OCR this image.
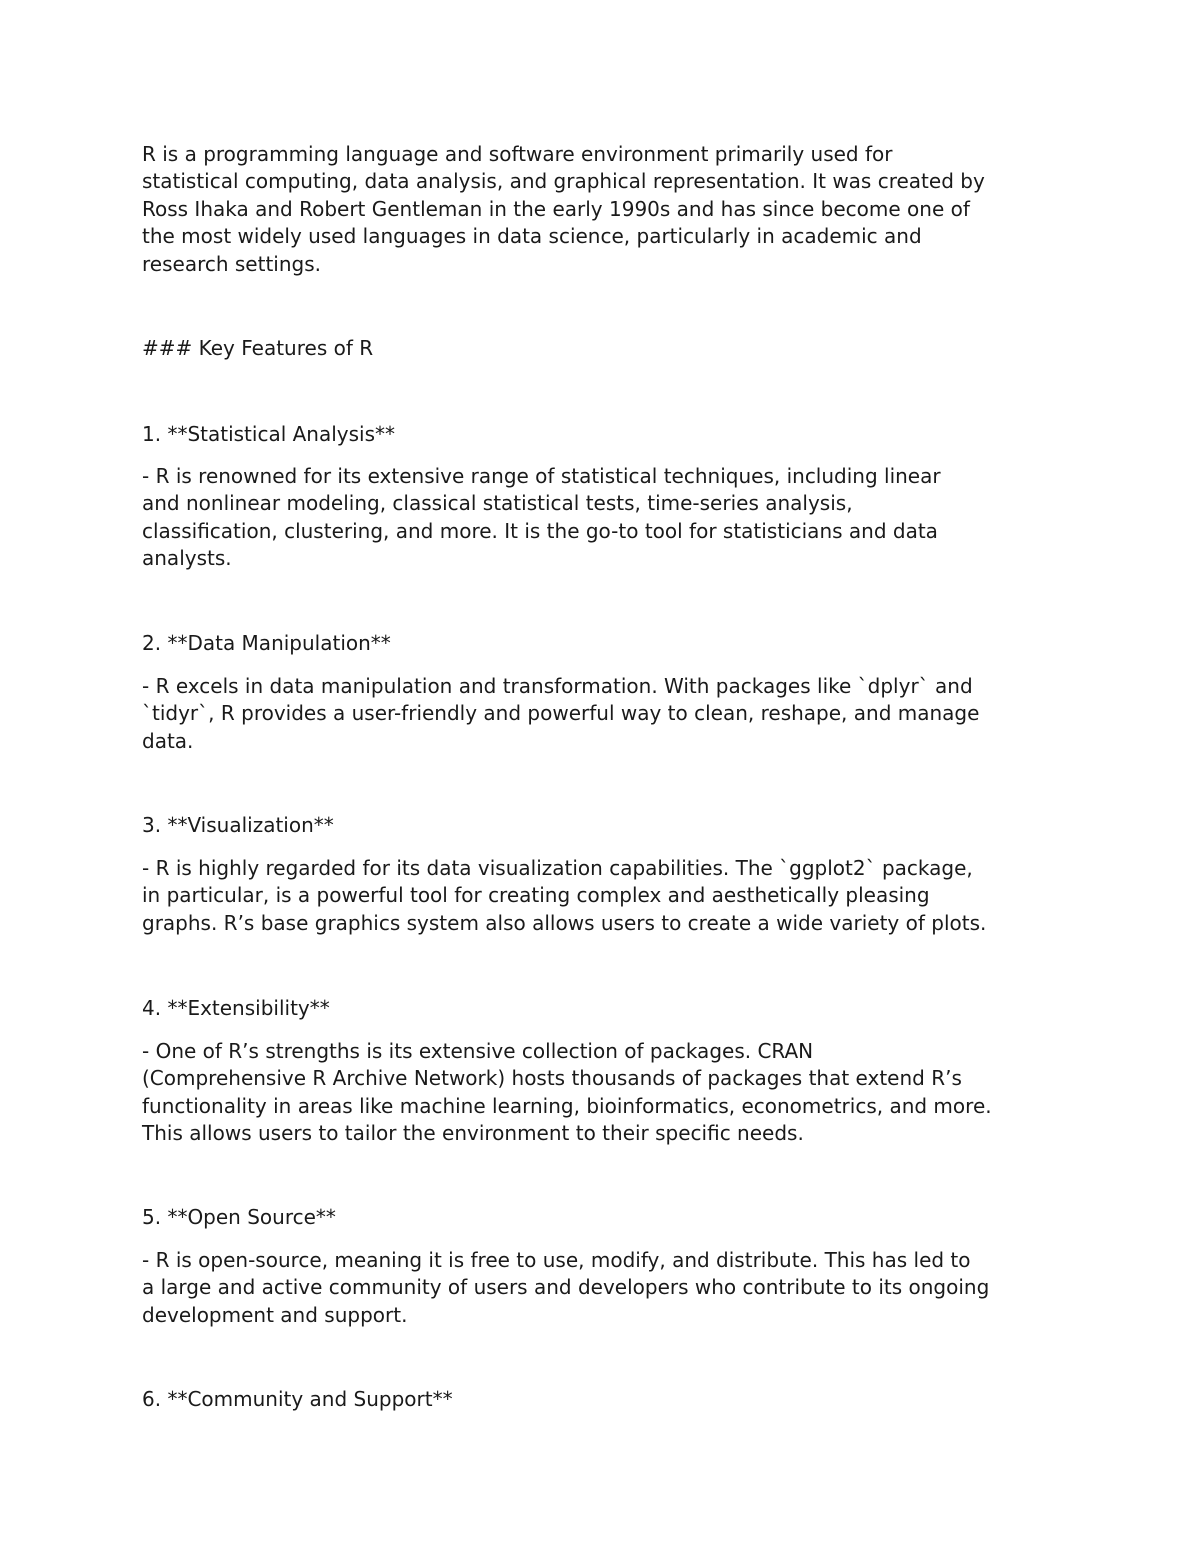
R is a programming language and software environment primarily used for
statistical computing, data analysis, and graphical representation. It was created by
Ross Ihaka and Robert Gentleman in the early 1990s and has since become one of
the most widely used languages in data science, particularly in academic and
research settings.

### Key Features of R

1. **Statistical Analysis**

- R is renowned for its extensive range of statistical techniques, including linear
and nonlinear modeling, classical statistical tests, time-series analysis,
classification, clustering, and more. It is the go-to tool for statisticians and data
analysts.

2. **Data Manipulation**

- R excels in data manipulation and transformation. With packages like `dplyr` and
`tidyr`, R provides a user-friendly and powerful way to clean, reshape, and manage
data.

3. **Visualization**

- R is highly regarded for its data visualization capabilities. The `ggplot2` package,
in particular, is a powerful tool for creating complex and aesthetically pleasing
graphs. R’s base graphics system also allows users to create a wide variety of plots.

4. **Extensibility**

- One of R’s strengths is its extensive collection of packages. CRAN
(Comprehensive R Archive Network) hosts thousands of packages that extend R’s
functionality in areas like machine learning, bioinformatics, econometrics, and more.
This allows users to tailor the environment to their specific needs.

5. **Open Source**

- R is open-source, meaning it is free to use, modify, and distribute. This has led to
a large and active community of users and developers who contribute to its ongoing
development and support.

6. **Community and Support**
